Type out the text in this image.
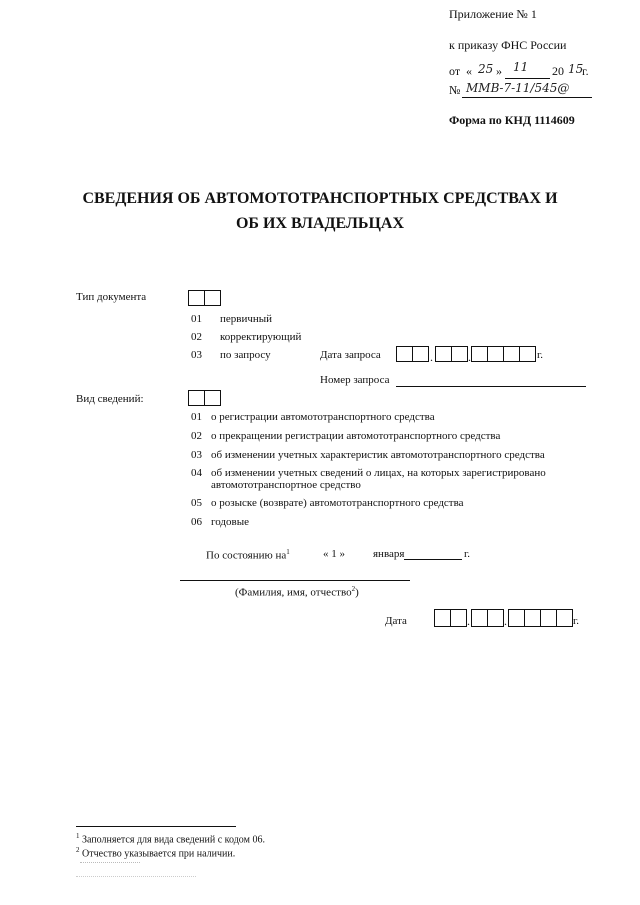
Приложение № 1
к приказу ФНС России
от « 25 » 11 20 15
г.
№ ММВ-7-11/545@
Форма по КНД 1114609
СВЕДЕНИЯ ОБ АВТОМОТОТРАНСПОРТНЫХ СРЕДСТВАХ И
ОБ ИХ ВЛАДЕЛЬЦАХ
Тип документа
01 первичный
02 корректирующий
03 по запросу	Дата запроса	.	.	г.
Номер запроса
Вид сведений:
01 о регистрации автомототранспортного средства
02 о прекращении регистрации автомототранспортного средства
03 об изменении учетных характеристик автомототранспортного средства
04 об изменении учетных сведений о лицах, на которых зарегистрировано
автомототранспортное средство
05 о розыске (возврате) автомототранспортного средства
06 годовые
По состоянию $на^1$	« 1 »	января	г.
(Фамилия, имя, отчество$^2$)
Дата	.	.	г.
$^1$ Заполняется для вида сведений с кодом 06.
$^2$ Отчество указывается при наличии.
